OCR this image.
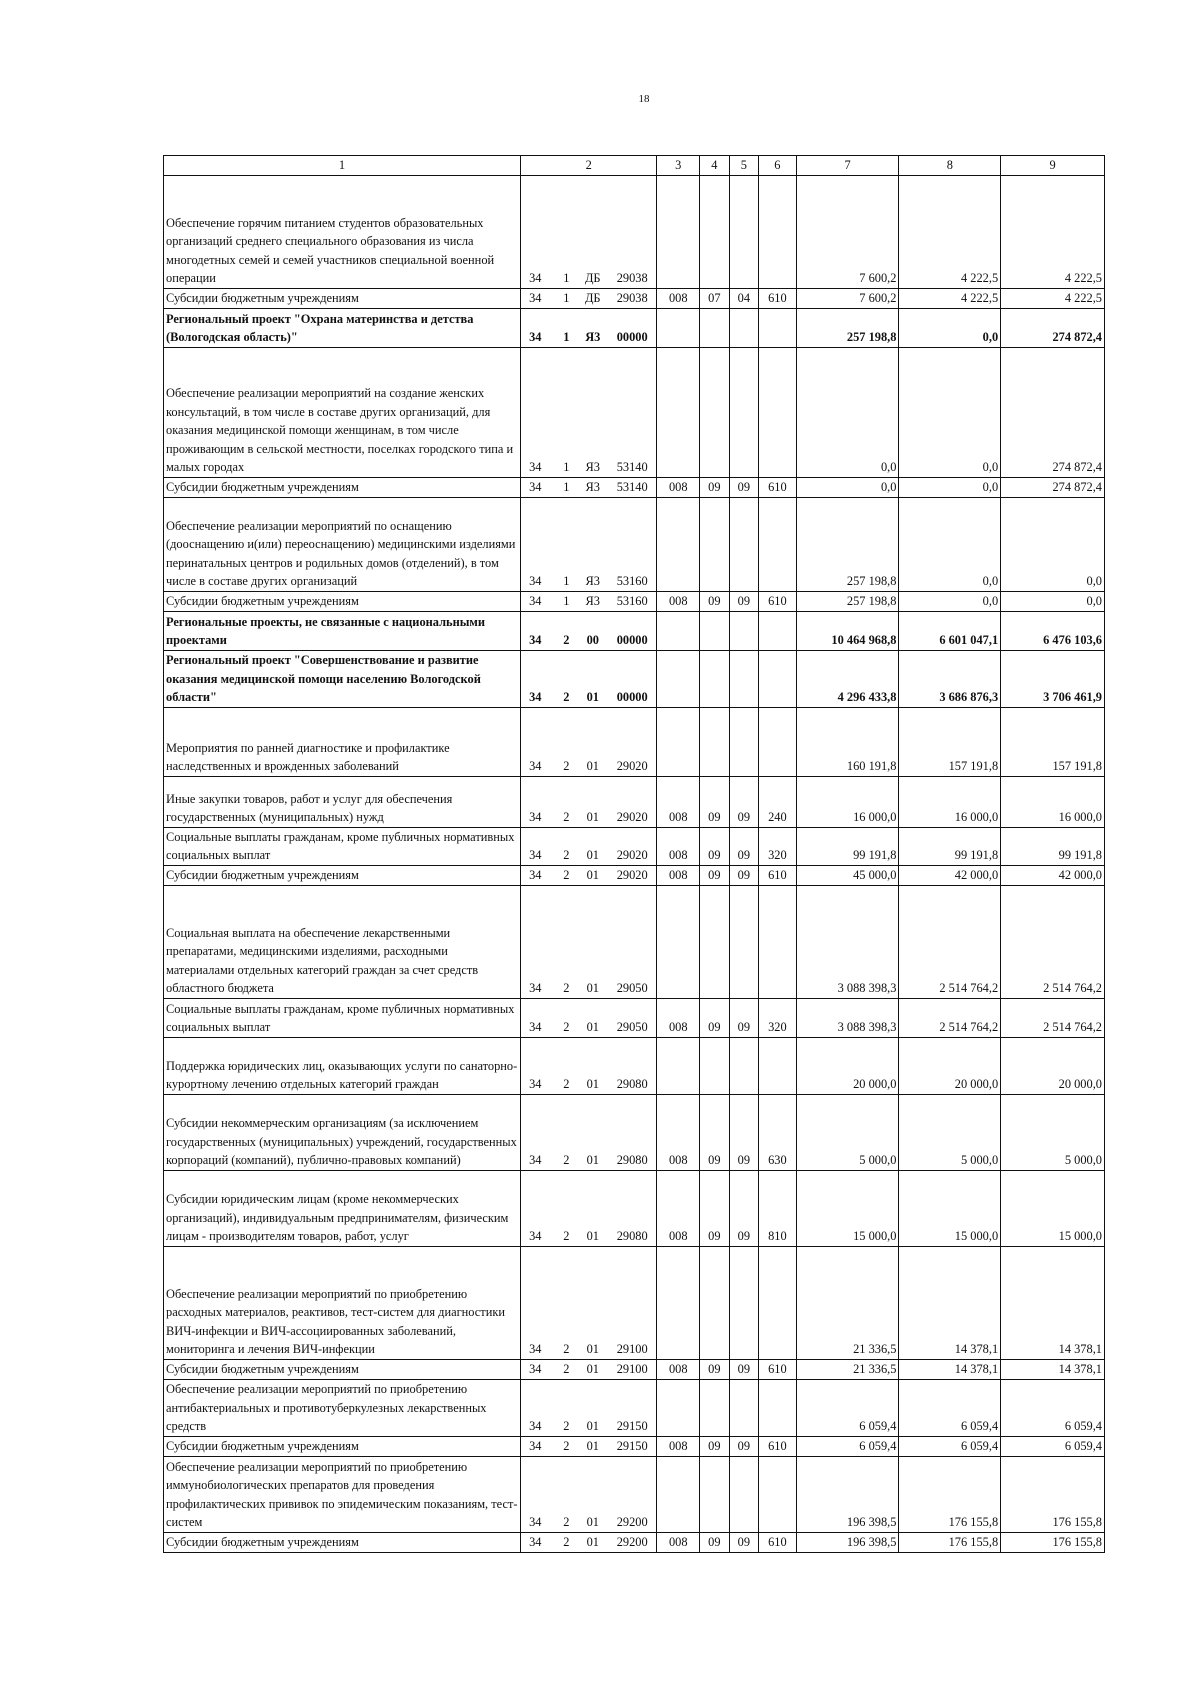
18
1	2				3	4	5	6	7	8	9
Обеспечение горячим питанием студентов образовательных организаций среднего специального образования из числа многодетных семей и семей участников специальной военной операции	34	1	ДБ	29038					7 600,2	4 222,5	4 222,5
Субсидии бюджетным учреждениям	34	1	ДБ	29038	008	07	04	610	7 600,2	4 222,5	4 222,5
Региональный проект "Охрана материнства и детства (Вологодская область)"	34	1	Я3	00000					257 198,8	0,0	274 872,4
Обеспечение реализации мероприятий на создание женских консультаций, в том числе в составе других организаций, для оказания медицинской помощи женщинам, в том числе проживающим в сельской местности, поселках городского типа и малых городах	34	1	Я3	53140					0,0	0,0	274 872,4
Субсидии бюджетным учреждениям	34	1	Я3	53140	008	09	09	610	0,0	0,0	274 872,4
Обеспечение реализации мероприятий по оснащению (дооснащению и(или) переоснащению) медицинскими изделиями перинатальных центров и родильных домов (отделений), в том числе в составе других организаций	34	1	Я3	53160					257 198,8	0,0	0,0
Субсидии бюджетным учреждениям	34	1	Я3	53160	008	09	09	610	257 198,8	0,0	0,0
Региональные проекты, не связанные с национальными проектами	34	2	00	00000					10 464 968,8	6 601 047,1	6 476 103,6
Региональный проект "Совершенствование и развитие оказания медицинской помощи населению Вологодской области"	34	2	01	00000					4 296 433,8	3 686 876,3	3 706 461,9
Мероприятия по ранней диагностике и профилактике наследственных и врожденных заболеваний	34	2	01	29020					160 191,8	157 191,8	157 191,8
Иные закупки товаров, работ и услуг для обеспечения государственных (муниципальных) нужд	34	2	01	29020	008	09	09	240	16 000,0	16 000,0	16 000,0
Социальные выплаты гражданам, кроме публичных нормативных социальных выплат	34	2	01	29020	008	09	09	320	99 191,8	99 191,8	99 191,8
Субсидии бюджетным учреждениям	34	2	01	29020	008	09	09	610	45 000,0	42 000,0	42 000,0
Социальная выплата на обеспечение лекарственными препаратами, медицинскими изделиями, расходными материалами отдельных категорий граждан за счет средств областного бюджета	34	2	01	29050					3 088 398,3	2 514 764,2	2 514 764,2
Социальные выплаты гражданам, кроме публичных нормативных социальных выплат	34	2	01	29050	008	09	09	320	3 088 398,3	2 514 764,2	2 514 764,2
Поддержка юридических лиц, оказывающих услуги по санаторно-курортному лечению отдельных категорий граждан	34	2	01	29080					20 000,0	20 000,0	20 000,0
Субсидии некоммерческим организациям (за исключением государственных (муниципальных) учреждений, государственных корпораций (компаний), публично-правовых компаний)	34	2	01	29080	008	09	09	630	5 000,0	5 000,0	5 000,0
Субсидии юридическим лицам (кроме некоммерческих организаций), индивидуальным предпринимателям, физическим лицам - производителям товаров, работ, услуг	34	2	01	29080	008	09	09	810	15 000,0	15 000,0	15 000,0
Обеспечение реализации мероприятий по приобретению расходных материалов, реактивов, тест-систем для диагностики ВИЧ-инфекции и ВИЧ-ассоциированных заболеваний, мониторинга и лечения ВИЧ-инфекции	34	2	01	29100					21 336,5	14 378,1	14 378,1
Субсидии бюджетным учреждениям	34	2	01	29100	008	09	09	610	21 336,5	14 378,1	14 378,1
Обеспечение реализации мероприятий по приобретению антибактериальных и противотуберкулезных лекарственных средств	34	2	01	29150					6 059,4	6 059,4	6 059,4
Субсидии бюджетным учреждениям	34	2	01	29150	008	09	09	610	6 059,4	6 059,4	6 059,4
Обеспечение реализации мероприятий по приобретению иммунобиологических препаратов для проведения профилактических прививок по эпидемическим показаниям, тест-систем	34	2	01	29200					196 398,5	176 155,8	176 155,8
Субсидии бюджетным учреждениям	34	2	01	29200	008	09	09	610	196 398,5	176 155,8	176 155,8
